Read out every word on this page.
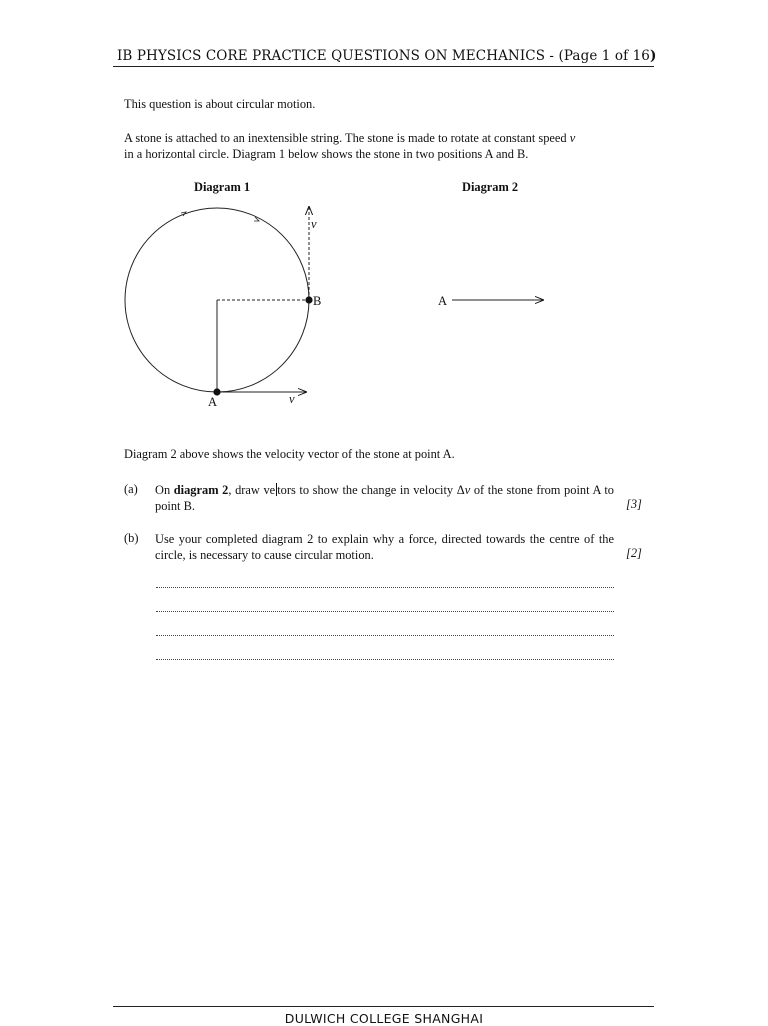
IB PHYSICS CORE PRACTICE QUESTIONS ON MECHANICS - (Page 1 of 16)
This question is about circular motion.
A stone is attached to an inextensible string. The stone is made to rotate at constant speed v
in a horizontal circle. Diagram 1 below shows the stone in two positions A and B.
Diagram 1	Diagram 2
A
B
v
v
A
Diagram 2 above shows the velocity vector of the stone at point A.
(a) On diagram 2, draw ve tors to show the change in velocity Δv of the stone from point A to point B.	[3]
(b) Use your completed diagram 2 to explain why a force, directed towards the centre of the circle, is necessary to cause circular motion.	[2]
DULWICH COLLEGE SHANGHAI
